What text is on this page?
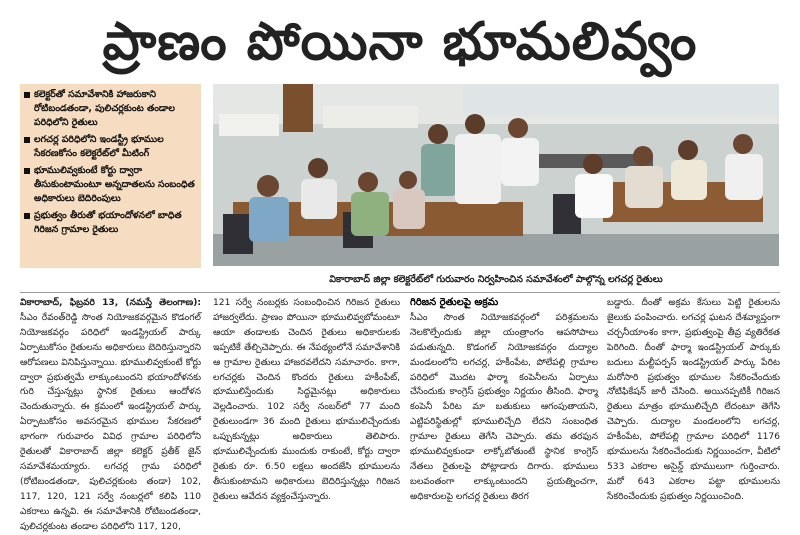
ప్రాణం పోయినా భూమలివ్వం
కలెక్టర్‌తో సమావేశానికి హాజరుకాని రోటిబండతండా, పులిచర్లకుంట తండాల పరిధిలోని రైతులు
లగచర్ల పరిధిలోని ఇండస్ట్రీ భూముల సేకరణకోసం కలెక్టరేట్‌లో మీటింగ్
భూములివ్వకుంటే కోర్టు ద్వారా తీసుకుంటామంటూ అన్నదాతలను సంబంధిత అధికారులు బెదిరింపులు
ప్రభుత్వం తీరుతో భయాందోళనలో బాధిత గిరిజన గ్రామాల రైతులు
వికారాబాద్ జిల్లా కలెక్టరేట్‌లో గురువారం నిర్వహించిన సమావేశంలో పాల్గొన్న లగచర్ల రైతులు

వికారాబాద్, ఫిబ్రవరి 13, (నమస్తే తెలంగాణ): సీఎం రేవంత్‌రెడ్డి సొంత నియోజకవర్గమైన కొడంగల్ నియోజకవర్గం పరిధిలో ఇండస్ట్రియల్ పార్కు ఏర్పాటుకోసం రైతులను అధికారులు బెదిరిస్తున్నారని ఆరోపణలు వినిపిస్తున్నాయి. భూములివ్వకుంటే కోర్టు ద్వారా ప్రభుత్వమే లాక్కుంటుందని భయాందోళనకు గురి చేస్తున్నట్లు స్థానిక రైతులు ఆందోళన చెందుతున్నారు. ఈ క్రమంలో ఇండస్ట్రియల్ పార్కు ఏర్పాటుకోసం అవసరమైన భూముల సేకరణలో భాగంగా గురువారం వివిధ గ్రామాల పరిధిలోని రైతులతో వికారాబాద్ జిల్లా కలెక్టర్ ప్రతీక్ జైన్ సమావేశమయ్యారు. లగచర్ల గ్రామ పరిధిలో (రోటిబండతండా, పులిచర్లకుంట తండా) 102, 117, 120, 121 సర్వే నంబర్లలో కలిపి 110 ఎకరాలు ఉన్నవి. ఈ సమావేశానికి రోటిబండతండా, పులిచర్లకుంట తండాల పరిధిలోని 117, 120,

121 సర్వే నంబర్లకు సంబంధించిన గిరిజన రైతులు హాజర్వలేదు. ప్రాణం పోయినా భూములివ్వబోమంటూ ఆయా తండాలకు చెందిన రైతులు అధికారులకు ఇప్పటికే తేల్చిచెప్పారు. ఈ నేపథ్యంలోనే సమావేశానికి ఆ గ్రామాల రైతులు హాజరవలేదని సమాచారం. కాగా, లగచర్లకు చెందిన కొందరు రైతులు హకీంపేట్, భూములిస్తేందుకు సిద్ధమైనట్లు అధికారులు వెల్లడించారు. 102 సర్వే నంబర్‌లో 77 మంది రైతులుండగా 36 మంది రైతులు భూములిచ్చేందుకు ఒప్పుకున్నట్లు అధికారులు తెలిపారు. భూములిచ్చేందుకు ముందుకు రాకుంటే, కోర్టు ద్వారా రైతుకు రూ. 6.50 లక్షలు అందజేసి భూములను తీసుకుంటామని అధికారులు బెదిరిస్తున్నట్లు గిరిజన రైతులు ఆవేదన వ్యక్తంచేస్తున్నారు.

గిరిజన రైతులపై అక్రమ

సీఎం సొంత నియోజకవర్గంలో పరిశ్రమలను నెలకొల్పేందుకు జిల్లా యంత్రాంగం ఆపసోపాలు పడుతున్నది. కొడంగల్ నియోజకవర్గం దుద్యాల మండలంలోని లగచర్ల, హకీంపేట, పోలేపల్లి గ్రామాల పరిధిలో మొదట ఫార్మా కంపెనీలను ఏర్పాటు చేసేందుకు కాంగ్రెస్ ప్రభుత్వం నిర్ణయం తీసింది. ఫార్మా కంపెనీ పేరిట మా బతుకులు ఆగంపుతాయని, ఎట్టిపరిస్థితుల్లో భూములిచ్చేది లేదని సంబంధిత గ్రామాల రైతులు తెగేసి చెప్పారు. తమ తరఫున భూములివ్వకుండా లాక్కోబోతుంటే స్థానిక కాంగ్రెస్ నేతలు రైతులపై పోట్లాడారు దిగారు. భూములు బలవంతంగా లాక్కుంటుందని ప్రయత్నించగా, అధికారులపై లగచర్ల రైతులు తిరగ

బడ్డారు. దీంతో అక్రమ కేసులు పెట్టి రైతులను జైలుకు పంపించారు. లగచర్ల ఘటన దేశవ్యాప్తంగా చర్చనీయాంశం కాగా, ప్రభుత్వంపై తీవ్ర వ్యతిరేకత పెరిగింది. దీంతో ఫార్మా ఇండస్ట్రియల్ పార్కుకు బదులు మల్టీపర్పస్ ఇండస్ట్రియల్ పార్కు పేరిట మరోసారి ప్రభుత్వం భూముల సేకరించేందుకు నోటిఫికేషన్ జారీ చేసింది. అయినప్పటికీ గిరిజన రైతులు మాత్రం భూములిచ్చేది లేదంటూ తెగేసి చెప్పారు. దుద్యాల మండలంలోని లగచర్ల, హకీంపేట, పోలేపల్లి గ్రామాల పరిధిలో 1176 భూములను సేకరించేందుకు నిర్ణయించగా, వీటిలో 533 ఎకరాల అసైన్డ్ భూములుగా గుర్తించారు. మరో 643 ఎకరాల పట్టా భూములను సేకరించేందుకు ప్రభుత్వం నిర్ణయించింది.
